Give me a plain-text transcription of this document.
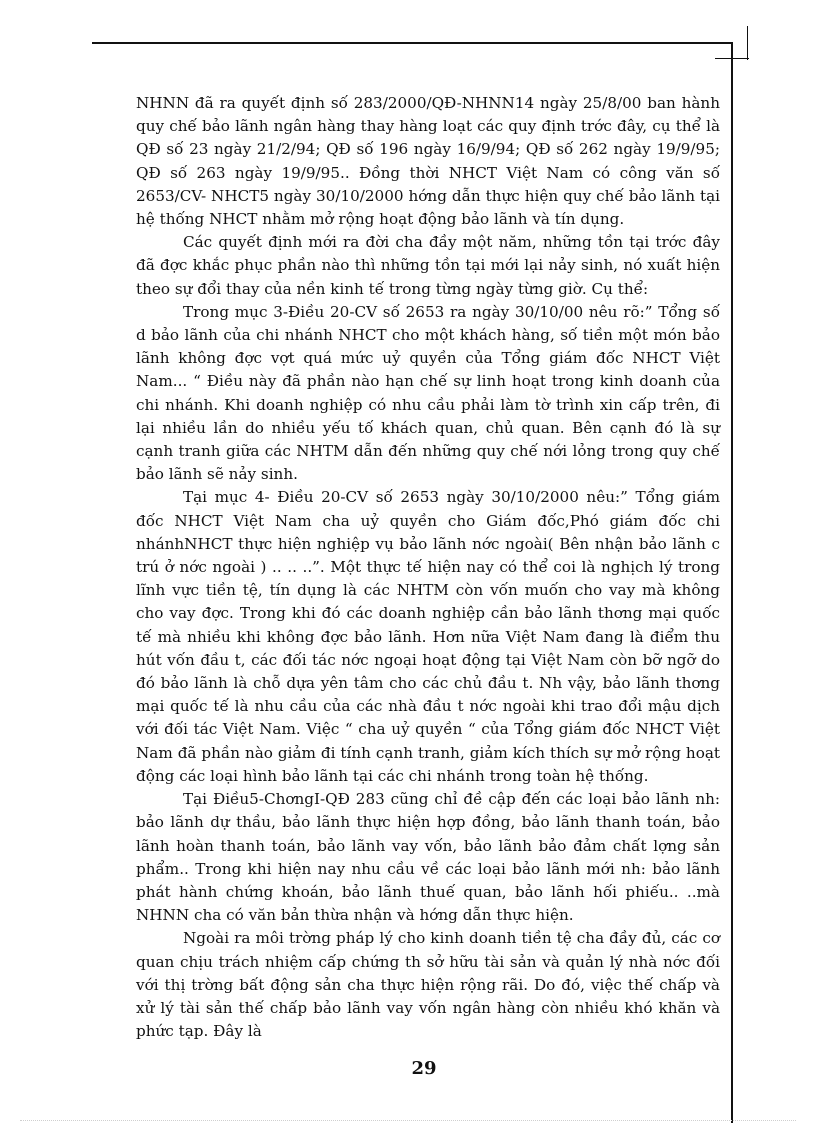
NHNN đã ra quyết định số 283/2000/QĐ-NHNN14 ngày 25/8/00 ban hành quy chế bảo lãnh ngân hàng thay hàng loạt các quy định trớc đây, cụ thể là QĐ số 23 ngày 21/2/94; QĐ số 196 ngày 16/9/94; QĐ số 262 ngày 19/9/95; QĐ số 263 ngày 19/9/95.. Đồng thời NHCT Việt Nam có công văn số 2653/CV- NHCT5 ngày 30/10/2000 hớng dẫn thực hiện quy chế bảo lãnh tại hệ thống NHCT nhằm mở rộng hoạt động bảo lãnh và tín dụng.

Các quyết định mới ra đời cha đầy một năm, những tồn tại trớc đây đã đợc khắc phục phần nào thì những tồn tại mới lại nảy sinh, nó xuất hiện theo sự đổi thay của nền kinh tế trong từng ngày từng giờ. Cụ thể:

Trong mục 3-Điều 20-CV số 2653 ra ngày 30/10/00 nêu rõ:” Tổng số d bảo lãnh của chi nhánh NHCT cho một khách hàng, số tiền một món bảo lãnh không đợc vợt quá mức uỷ quyền của Tổng giám đốc NHCT Việt Nam... “ Điều này đã phần nào hạn chế sự linh hoạt trong kinh doanh của chi nhánh. Khi doanh nghiệp có nhu cầu phải làm tờ trình xin cấp trên, đi lại nhiều lần do nhiều yếu tố khách quan, chủ quan. Bên cạnh đó là sự cạnh tranh giữa các NHTM dẫn đến những quy chế nới lỏng trong quy chế bảo lãnh sẽ nảy sinh.

Tại mục 4- Điều 20-CV số 2653 ngày 30/10/2000 nêu:” Tổng giám đốc NHCT Việt Nam cha uỷ quyền cho Giám đốc,Phó giám đốc chi nhánhNHCT thực hiện nghiệp vụ bảo lãnh nớc ngoài( Bên nhận bảo lãnh c trú ở nớc ngoài ) .. .. ..”. Một thực tế hiện nay có thể coi là nghịch lý trong lĩnh vực tiền tệ, tín dụng là các NHTM còn vốn muốn cho vay mà không cho vay đợc. Trong khi đó các doanh nghiệp cần bảo lãnh thơng mại quốc tế mà nhiều khi không đợc bảo lãnh. Hơn nữa Việt Nam đang là điểm thu hút vốn đầu t, các đối tác nớc ngoại hoạt động tại Việt Nam còn bỡ ngỡ do đó bảo lãnh là chỗ dựa yên tâm cho các chủ đầu t. Nh vậy, bảo lãnh thơng mại quốc tế là nhu cầu của các nhà đầu t nớc ngoài khi trao đổi mậu dịch với đối tác Việt Nam. Việc “ cha uỷ quyền “ của Tổng giám đốc NHCT Việt Nam đã phần nào giảm đi tính cạnh tranh, giảm kích thích sự mở rộng hoạt động các loại hình bảo lãnh tại các chi nhánh trong toàn hệ thống.

Tại Điều5-ChơngI-QĐ 283 cũng chỉ đề cập đến các loại bảo lãnh nh: bảo lãnh dự thầu, bảo lãnh thực hiện hợp đồng, bảo lãnh thanh toán, bảo lãnh hoàn thanh toán, bảo lãnh vay vốn, bảo lãnh bảo đảm chất lợng sản phẩm.. Trong khi hiện nay nhu cầu về các loại bảo lãnh mới nh: bảo lãnh phát hành chứng khoán, bảo lãnh thuế quan, bảo lãnh hối phiếu.. ..mà NHNN cha có văn bản thừa nhận và hớng dẫn thực hiện.

Ngoài ra môi trờng pháp lý cho kinh doanh tiền tệ cha đầy đủ, các cơ quan chịu trách nhiệm cấp chứng th sở hữu tài sản và quản lý nhà nớc đối với thị trờng bất động sản cha thực hiện rộng rãi. Do đó, việc thế chấp và xử lý tài sản thế chấp bảo lãnh vay vốn ngân hàng còn nhiều khó khăn và phức tạp. Đây là

29
